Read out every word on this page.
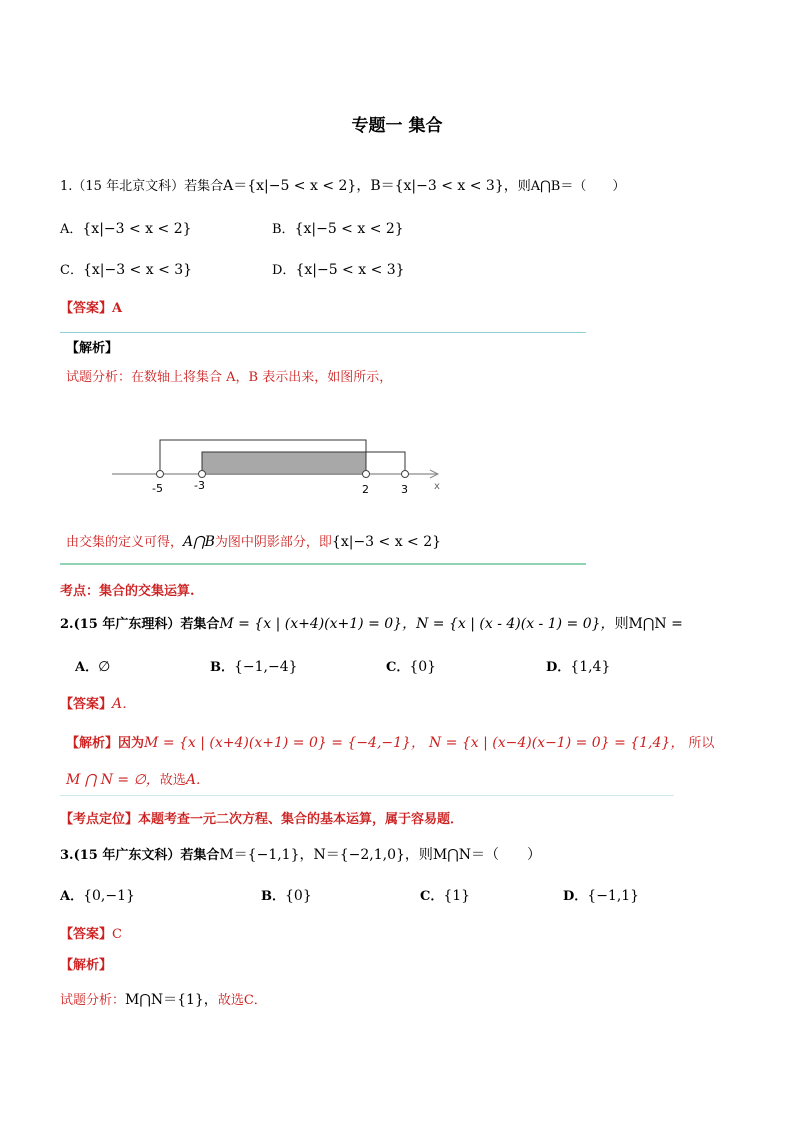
专题一 集合
1.（15 年北京文科）若集合A＝{x|−5 < x < 2}，B＝{x|−3 < x < 3}，则A⋂B＝（　　）
A．{x|−3 < x < 2}	B．{x|−5 < x < 2}
C．{x|−3 < x < 3}	D．{x|−5 < x < 3}
【答案】A
【解析】
试题分析：在数轴上将集合 A，B 表示出来，如图所示，
-5	-3	2	3	x
由交集的定义可得，A⋂B为图中阴影部分，即{x|−3 < x < 2}
考点：集合的交集运算.
2.(15 年广东理科）若集合M = {x | (x+4)(x+1) = 0}，N = {x | (x - 4)(x - 1) = 0}，则M⋂N =
A．∅	B．{−1,−4}	C．{0}	D．{1,4}
【答案】A．
【解析】因为M = {x | (x+4)(x+1) = 0} = {−4,−1}， N = {x | (x−4)(x−1) = 0} = {1,4}， 所以
M ⋂ N = ∅，故选A．
【考点定位】本题考查一元二次方程、集合的基本运算，属于容易题．
3.(15 年广东文科）若集合M＝{−1,1}，N＝{−2,1,0}，则M⋂N＝（　　）
A．{0,−1}	B．{0}	C．{1}	D．{−1,1}
【答案】C
【解析】
试题分析：M⋂N＝{1}，故选C．
